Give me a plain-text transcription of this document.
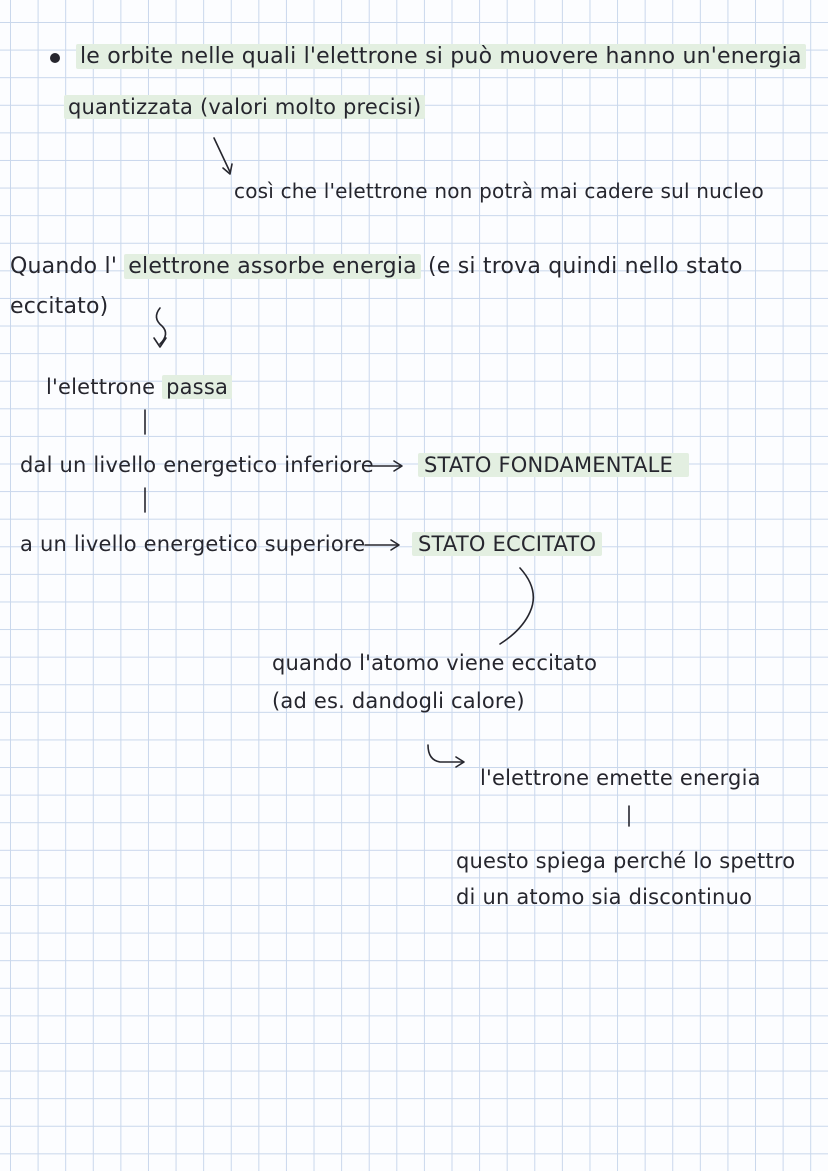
le orbite nelle quali l'elettrone si può muovere hanno un'energia
quantizzata (valori molto precisi)
così che l'elettrone non potrà mai cadere sul nucleo
Quando l' elettrone assorbe energia (e si trova quindi nello stato
eccitato)
l'elettrone passa
dal un livello energetico inferiore STATO FONDAMENTALE
a un livello energetico superiore	STATO ECCITATO
quando l'atomo viene eccitato
(ad es. dandogli calore)
l'elettrone emette energia
questo spiega perché lo spettro
di un atomo sia discontinuo
